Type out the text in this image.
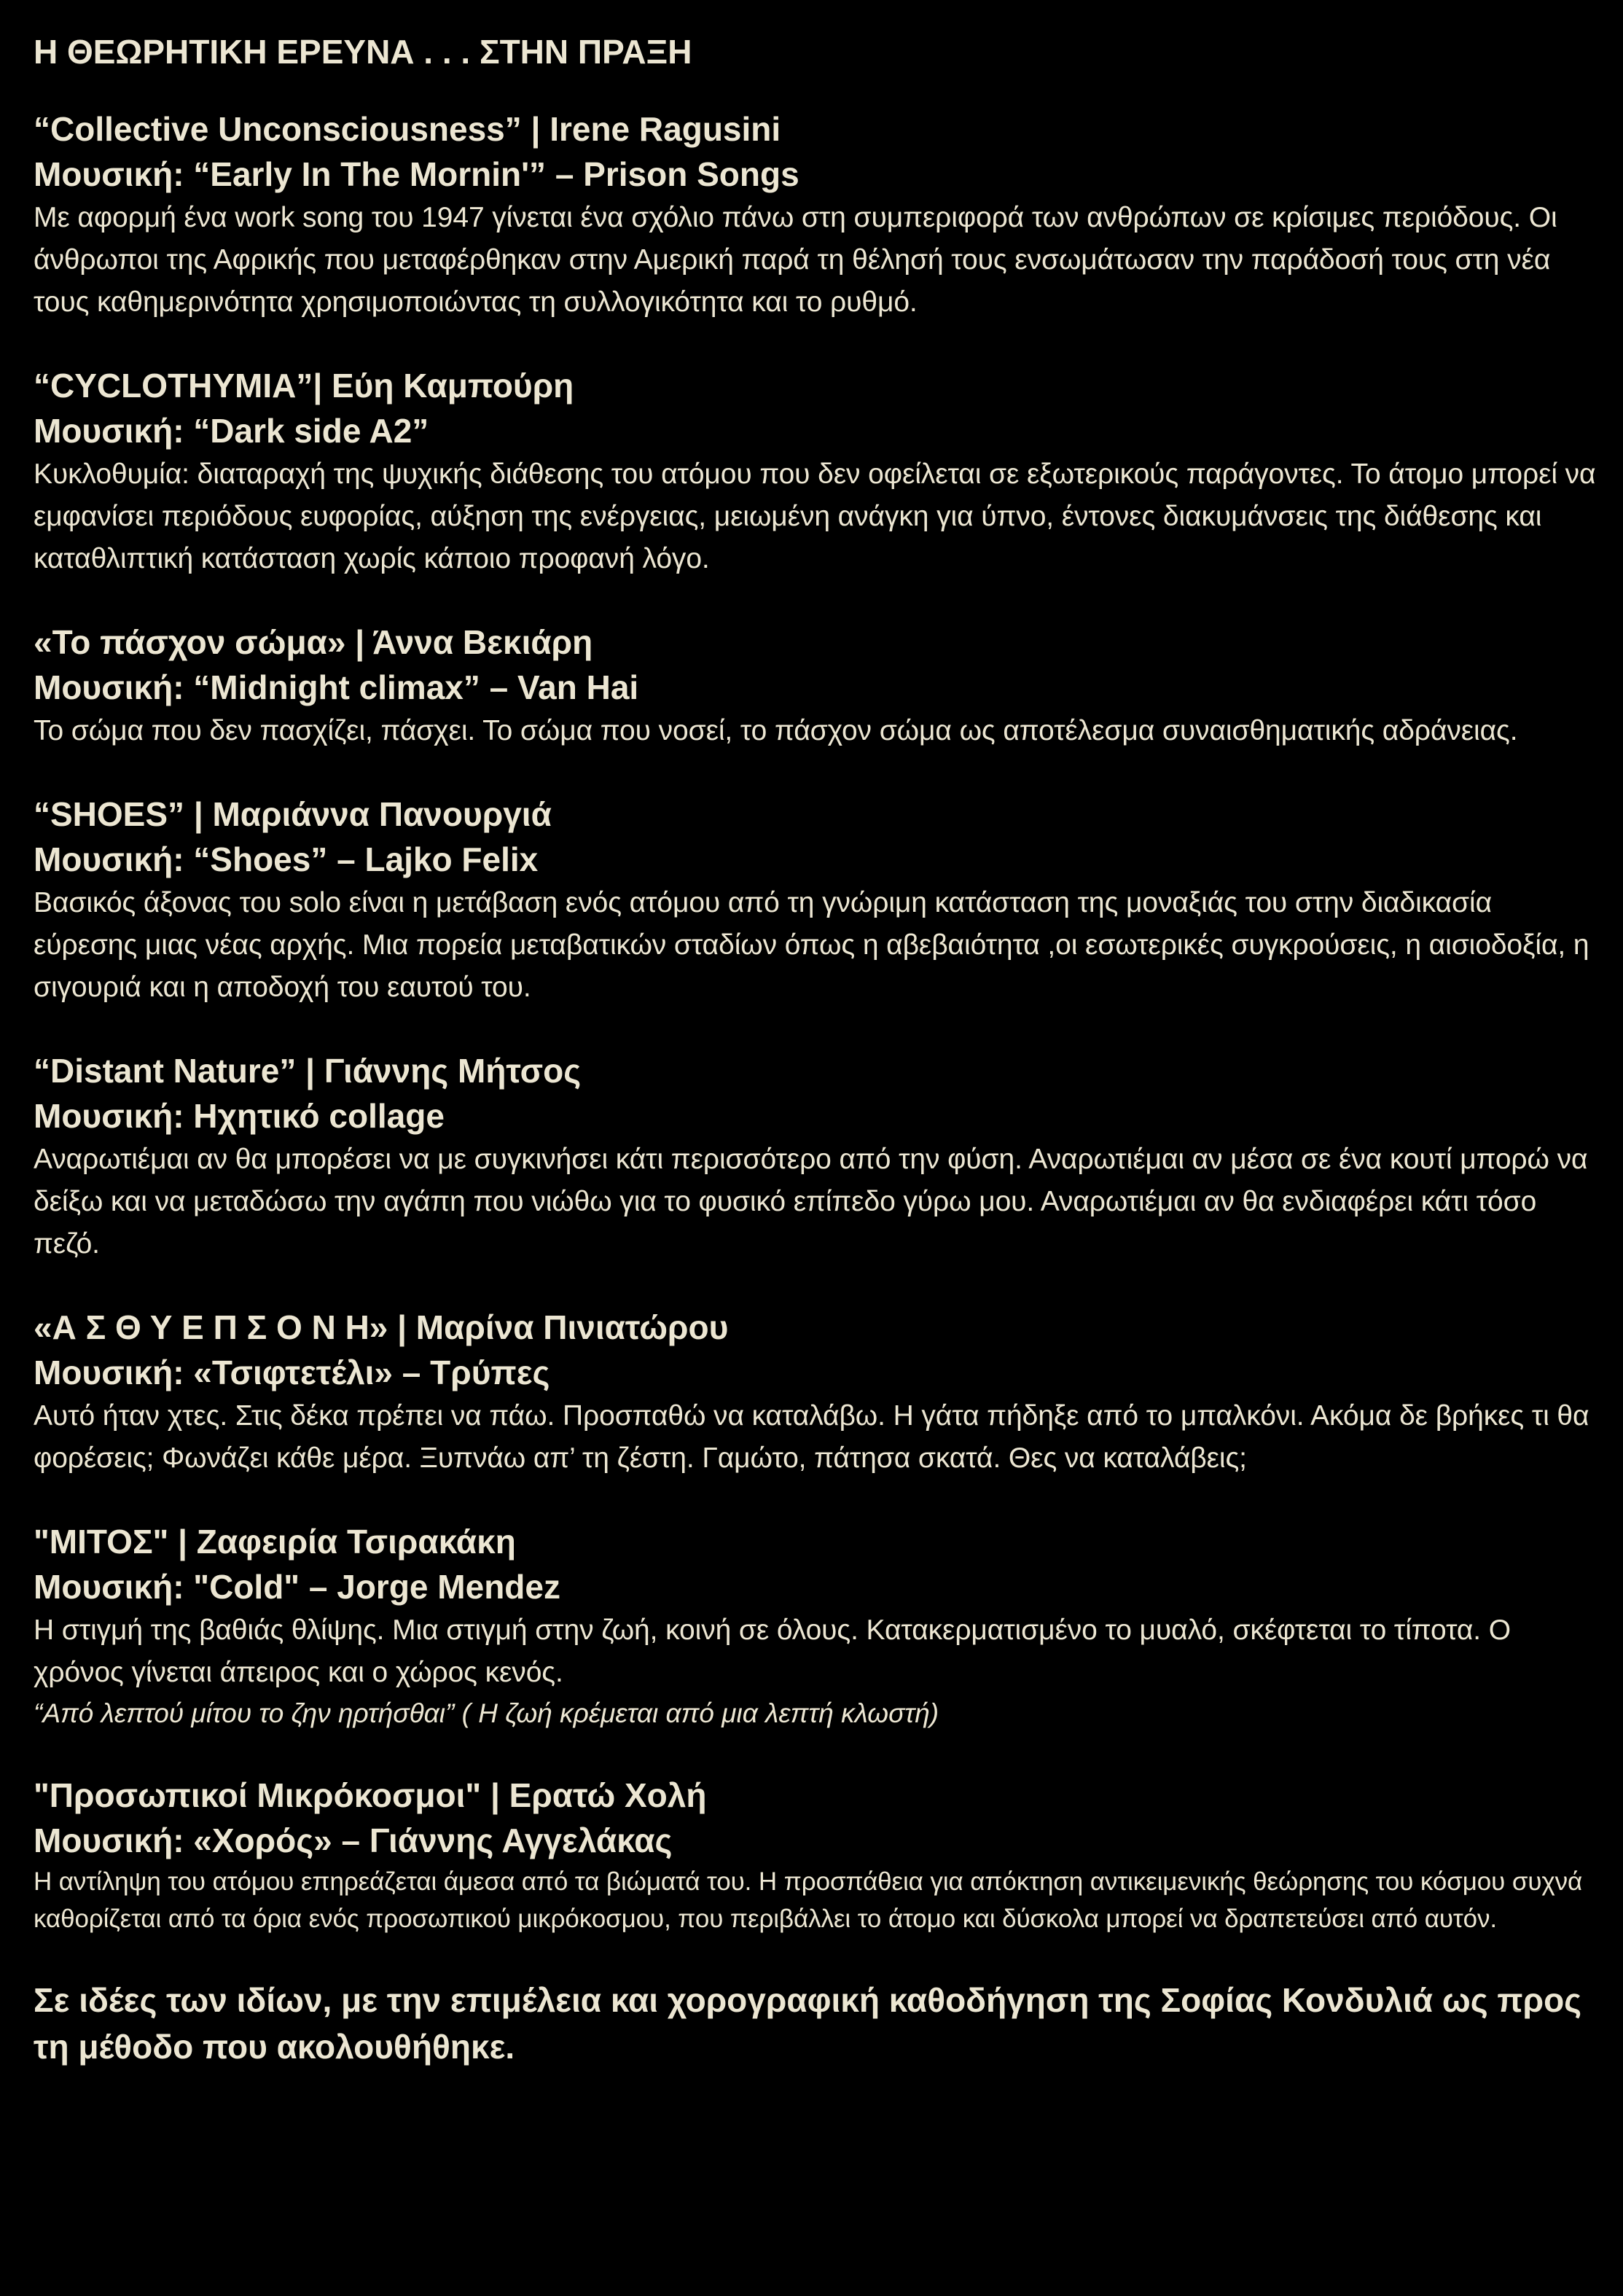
Η ΘΕΩΡΗΤΙΚΗ ΕΡΕΥΝΑ . . . ΣΤΗΝ ΠΡΑΞΗ

“Collective Unconsciousness” | Irene Ragusini

Μουσική: “Early In The Mornin'” – Prison Songs

Με αφορμή ένα work song του 1947 γίνεται ένα σχόλιο πάνω στη συμπεριφορά των ανθρώπων σε κρίσιμες περιόδους. Οι άνθρωποι της Αφρικής που μεταφέρθηκαν στην Αμερική παρά τη θέλησή τους ενσωμάτωσαν την παράδοσή τους στη νέα τους καθημερινότητα χρησιμοποιώντας τη συλλογικότητα και το ρυθμό.

“CYCLOTHYMIA”| Εύη Καμπούρη

Μουσική: “Dark side A2”

Κυκλοθυμία: διαταραχή της ψυχικής διάθεσης του ατόμου που δεν οφείλεται σε εξωτερικούς παράγοντες. Το άτομο μπορεί να εμφανίσει περιόδους ευφορίας, αύξηση της ενέργειας, μειωμένη ανάγκη για ύπνο, έντονες διακυμάνσεις της διάθεσης και καταθλιπτική κατάσταση χωρίς κάποιο προφανή λόγο.

«Το πάσχον σώμα» | Άννα Βεκιάρη

Μουσική: “Midnight climax” – Van Hai

Το σώμα που δεν πασχίζει, πάσχει. Το σώμα που νοσεί, το πάσχον σώμα ως αποτέλεσμα συναισθηματικής αδράνειας.

“SHOES” | Μαριάννα Πανουργιά

Μουσική: “Shoes” – Lajko Felix

Βασικός άξονας του solo είναι η μετάβαση ενός ατόμου από τη γνώριμη κατάσταση της μοναξιάς του στην διαδικασία εύρεσης μιας νέας αρχής. Μια πορεία μεταβατικών σταδίων όπως η αβεβαιότητα ,οι εσωτερικές συγκρούσεις, η αισιοδοξία, η σιγουριά και η αποδοχή του εαυτού του.

“Distant Nature” | Γιάννης Μήτσος

Μουσική: Ηχητικό collage

Αναρωτιέμαι αν θα μπορέσει να με συγκινήσει κάτι περισσότερο από την φύση. Αναρωτιέμαι αν μέσα σε ένα κουτί μπορώ να δείξω και να μεταδώσω την αγάπη που νιώθω για το φυσικό επίπεδο γύρω μου. Αναρωτιέμαι αν θα ενδιαφέρει κάτι τόσο πεζό.

«Α Σ Θ Υ Ε Π Σ Ο Ν Η» | Μαρίνα Πινιατώρου

Μουσική: «Τσιφτετέλι» – Τρύπες

Αυτό ήταν χτες. Στις δέκα πρέπει να πάω. Προσπαθώ να καταλάβω. Η γάτα πήδηξε από το μπαλκόνι. Ακόμα δε βρήκες τι θα φορέσεις; Φωνάζει κάθε μέρα. Ξυπνάω απ’ τη ζέστη. Γαμώτο, πάτησα σκατά. Θες να καταλάβεις;

"ΜΙΤΟΣ" | Ζαφειρία Τσιρακάκη

Μουσική: "Cold" – Jorge Mendez

Η στιγμή της βαθιάς θλίψης. Μια στιγμή στην ζωή, κοινή σε όλους. Κατακερματισμένο το μυαλό, σκέφτεται το τίποτα. Ο χρόνος γίνεται άπειρος και ο χώρος κενός.

“Από λεπτού μίτου το ζην ηρτήσθαι” ( Η ζωή κρέμεται από μια λεπτή κλωστή)

"Προσωπικοί Μικρόκοσμοι" | Ερατώ Χολή

Μουσική: «Χορός» – Γιάννης Αγγελάκας

Η αντίληψη του ατόμου επηρεάζεται άμεσα από τα βιώματά του. Η προσπάθεια για απόκτηση αντικειμενικής θεώρησης του κόσμου συχνά καθορίζεται από τα όρια ενός προσωπικού μικρόκοσμου, που περιβάλλει το άτομο και δύσκολα μπορεί να δραπετεύσει από αυτόν.

Σε ιδέες των ιδίων, με την επιμέλεια και χορογραφική καθοδήγηση της Σοφίας Κονδυλιά ως προς τη μέθοδο που ακολουθήθηκε.
